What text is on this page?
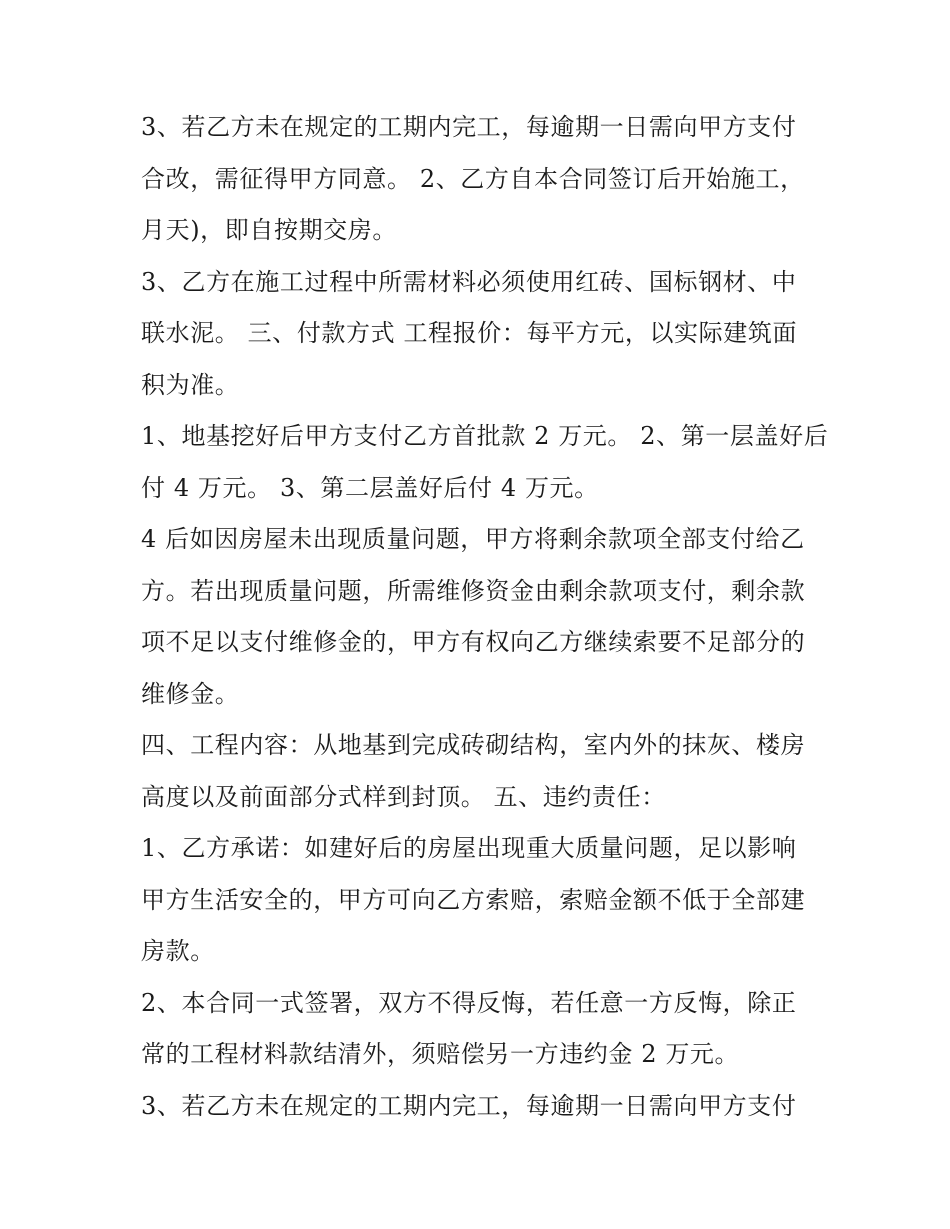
3、若乙方未在规定的工期内完工，每逾期一日需向甲方支付
合改，需征得甲方同意。 2、乙方自本合同签订后开始施工，
月天)，即自按期交房。
3、乙方在施工过程中所需材料必须使用红砖、国标钢材、中
联水泥。 三、付款方式 工程报价：每平方元，以实际建筑面
积为准。
1、地基挖好后甲方支付乙方首批款 2 万元。 2、第一层盖好后
付 4 万元。 3、第二层盖好后付 4 万元。
4 后如因房屋未出现质量问题，甲方将剩余款项全部支付给乙
方。若出现质量问题，所需维修资金由剩余款项支付，剩余款
项不足以支付维修金的，甲方有权向乙方继续索要不足部分的
维修金。
四、工程内容：从地基到完成砖砌结构，室内外的抹灰、楼房
高度以及前面部分式样到封顶。 五、违约责任：
1、乙方承诺：如建好后的房屋出现重大质量问题，足以影响
甲方生活安全的，甲方可向乙方索赔，索赔金额不低于全部建
房款。
2、本合同一式签署，双方不得反悔，若任意一方反悔，除正
常的工程材料款结清外，须赔偿另一方违约金 2 万元。
3、若乙方未在规定的工期内完工，每逾期一日需向甲方支付
